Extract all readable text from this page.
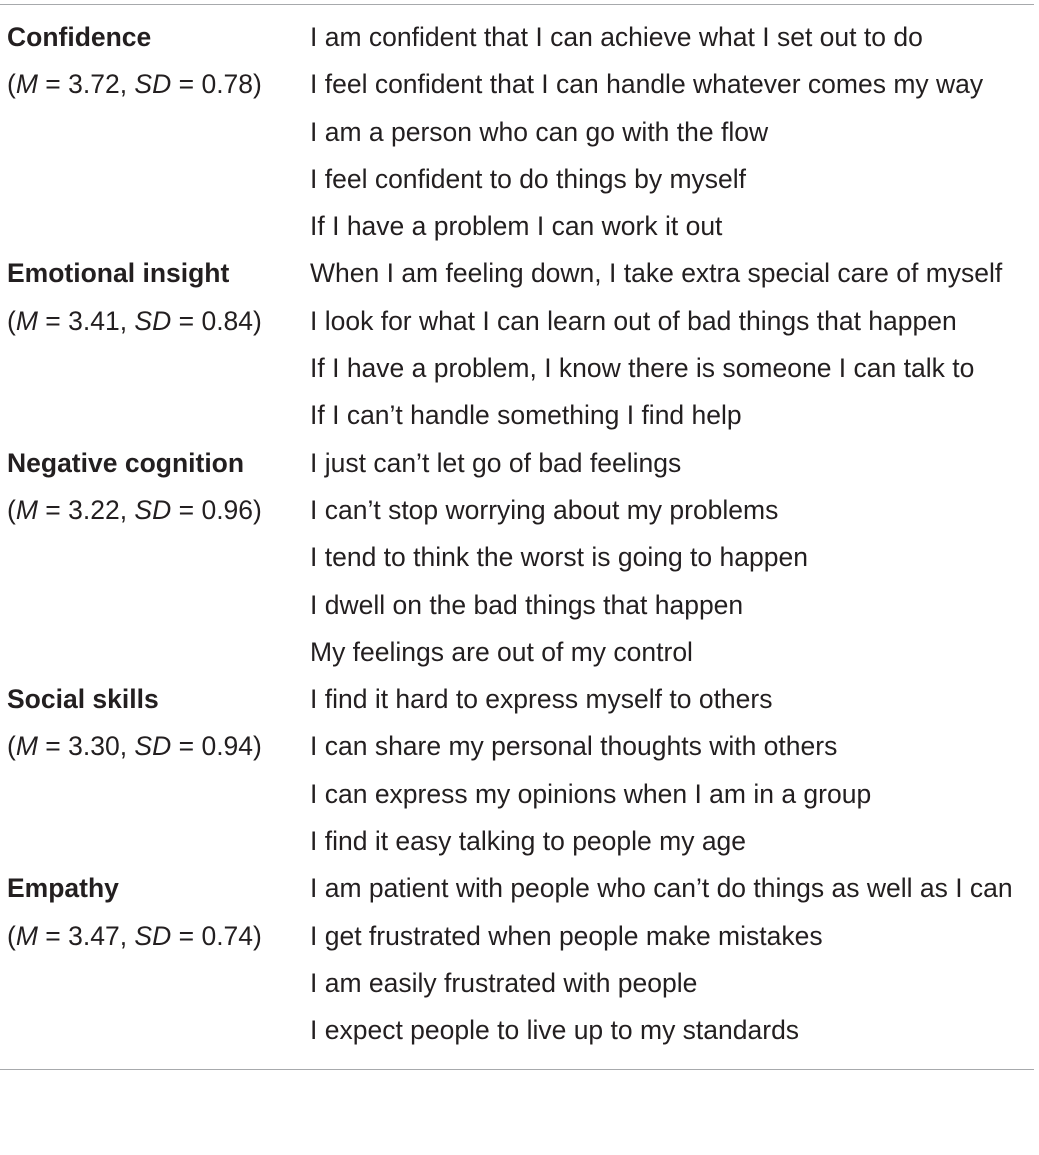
Confidence	I am confident that I can achieve what I set out to do
(M = 3.72, SD = 0.78)	I feel confident that I can handle whatever comes my way
I am a person who can go with the flow
I feel confident to do things by myself
If I have a problem I can work it out
Emotional insight	When I am feeling down, I take extra special care of myself
(M = 3.41, SD = 0.84)	I look for what I can learn out of bad things that happen
If I have a problem, I know there is someone I can talk to
If I can’t handle something I find help
Negative cognition	I just can’t let go of bad feelings
(M = 3.22, SD = 0.96)	I can’t stop worrying about my problems
I tend to think the worst is going to happen
I dwell on the bad things that happen
My feelings are out of my control
Social skills	I find it hard to express myself to others
(M = 3.30, SD = 0.94)	I can share my personal thoughts with others
I can express my opinions when I am in a group
I find it easy talking to people my age
Empathy	I am patient with people who can’t do things as well as I can
(M = 3.47, SD = 0.74)	I get frustrated when people make mistakes
I am easily frustrated with people
I expect people to live up to my standards
